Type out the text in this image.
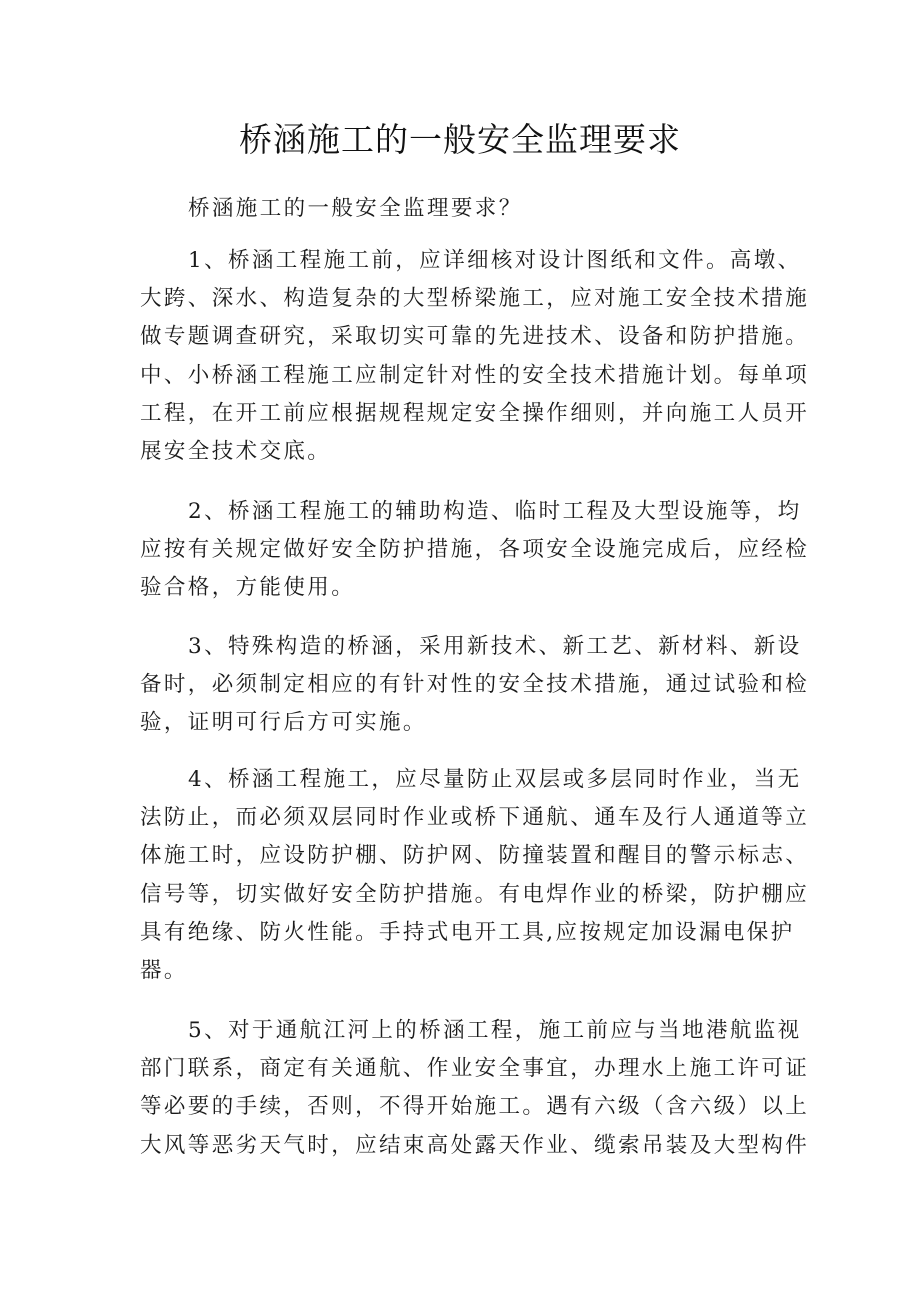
桥涵施工的一般安全监理要求
桥涵施工的一般安全监理要求？
1、桥涵工程施工前，应详细核对设计图纸和文件。高墩、
大跨、深水、构造复杂的大型桥梁施工，应对施工安全技术措施
做专题调查研究，采取切实可靠的先进技术、设备和防护措施。
中、小桥涵工程施工应制定针对性的安全技术措施计划。每单项
工程，在开工前应根据规程规定安全操作细则，并向施工人员开
展安全技术交底。
2、桥涵工程施工的辅助构造、临时工程及大型设施等，均
应按有关规定做好安全防护措施，各项安全设施完成后，应经检
验合格，方能使用。
3、特殊构造的桥涵，采用新技术、新工艺、新材料、新设
备时，必须制定相应的有针对性的安全技术措施，通过试验和检
验，证明可行后方可实施。
4、桥涵工程施工，应尽量防止双层或多层同时作业，当无
法防止，而必须双层同时作业或桥下通航、通车及行人通道等立
体施工时，应设防护棚、防护网、防撞装置和醒目的警示标志、
信号等，切实做好安全防护措施。有电焊作业的桥梁，防护棚应
具有绝缘、防火性能。手持式电开工具,应按规定加设漏电保护
器。
5、对于通航江河上的桥涵工程，施工前应与当地港航监视
部门联系，商定有关通航、作业安全事宜，办理水上施工许可证
等必要的手续，否则，不得开始施工。遇有六级（含六级）以上
大风等恶劣天气时，应结束高处露天作业、缆索吊装及大型构件
